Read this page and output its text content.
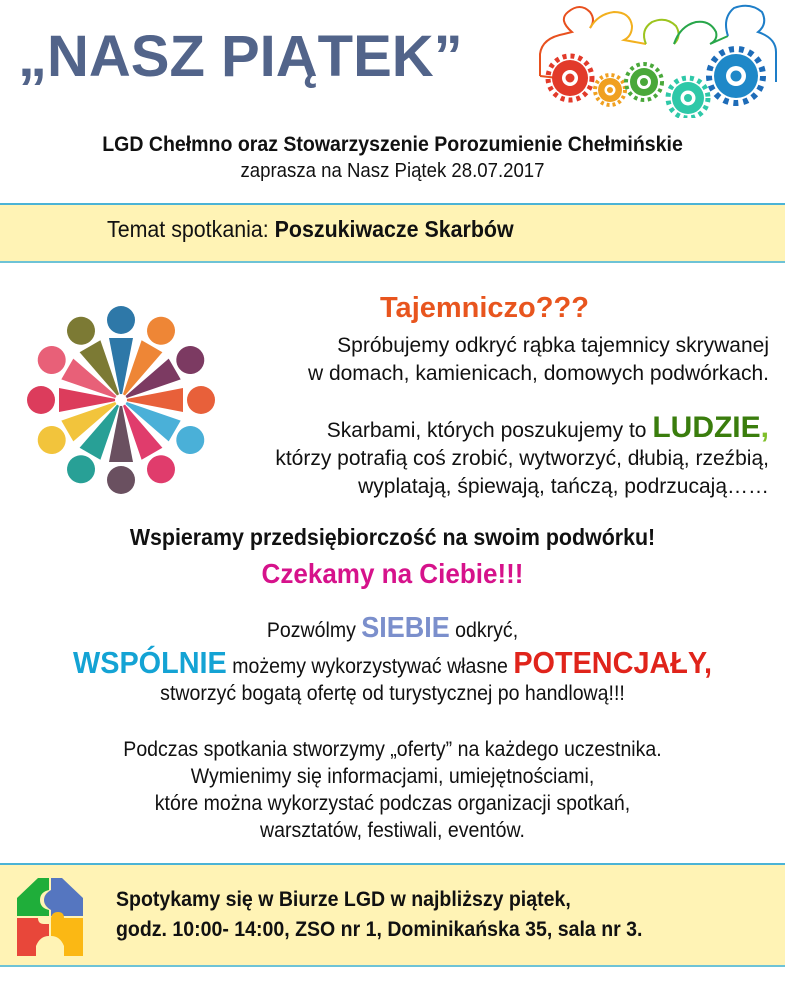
„NASZ PIĄTEK”
LGD Chełmno oraz Stowarzyszenie Porozumienie Chełmińskie
zaprasza na Nasz Piątek 28.07.2017
Temat spotkania: Poszukiwacze Skarbów
Tajemniczo???
Spróbujemy odkryć rąbka tajemnicy skrywanej
w domach, kamienicach, domowych podwórkach.
Skarbami, których poszukujemy to LUDZIE,
którzy potrafią coś zrobić, wytworzyć, dłubią, rzeźbią,
wyplatają, śpiewają, tańczą, podrzucają……
Wspieramy przedsiębiorczość na swoim podwórku!
Czekamy na Ciebie!!!
Pozwólmy SIEBIE odkryć,
WSPÓLNIE możemy wykorzystywać własne POTENCJAŁY,
stworzyć bogatą ofertę od turystycznej po handlową!!!
Podczas spotkania stworzymy „oferty” na każdego uczestnika.
Wymienimy się informacjami, umiejętnościami,
które można wykorzystać podczas organizacji spotkań,
warsztatów, festiwali, eventów.
Spotykamy się w Biurze LGD w najbliższy piątek,
godz. 10:00- 14:00, ZSO nr 1, Dominikańska 35, sala nr 3.
